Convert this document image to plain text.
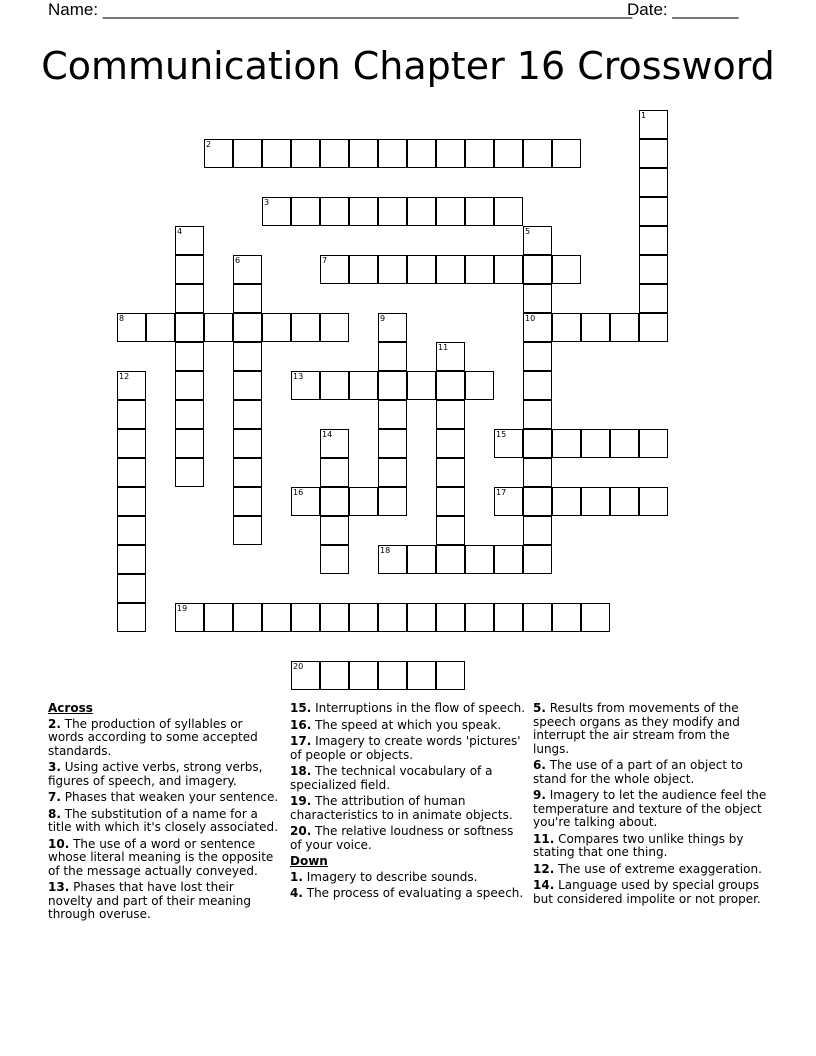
Name: ________________________________________________________

Date: _______

Communication Chapter 16 Crossword
1
2
3
4	5
10
6	7
8	9
11
12	13
14	15
16	17
18
19
20
Across
2. The production of syllables or words according to some accepted standards.
3. Using active verbs, strong verbs, figures of speech, and imagery.
7. Phases that weaken your sentence.
8. The substitution of a name for a title with which it's closely associated.
10. The use of a word or sentence whose literal meaning is the opposite of the message actually conveyed.
13. Phases that have lost their novelty and part of their meaning through overuse.
15. Interruptions in the flow of speech.
16. The speed at which you speak.
17. Imagery to create words 'pictures' of people or objects.
18. The technical vocabulary of a specialized field.
19. The attribution of human characteristics to in animate objects.
20. The relative loudness or softness of your voice.
Down
1. Imagery to describe sounds.
4. The process of evaluating a speech.
5. Results from movements of the speech organs as they modify and interrupt the air stream from the lungs.
6. The use of a part of an object to stand for the whole object.
9. Imagery to let the audience feel the temperature and texture of the object you're talking about.
11. Compares two unlike things by stating that one thing.
12. The use of extreme exaggeration.
14. Language used by special groups but considered impolite or not proper.
